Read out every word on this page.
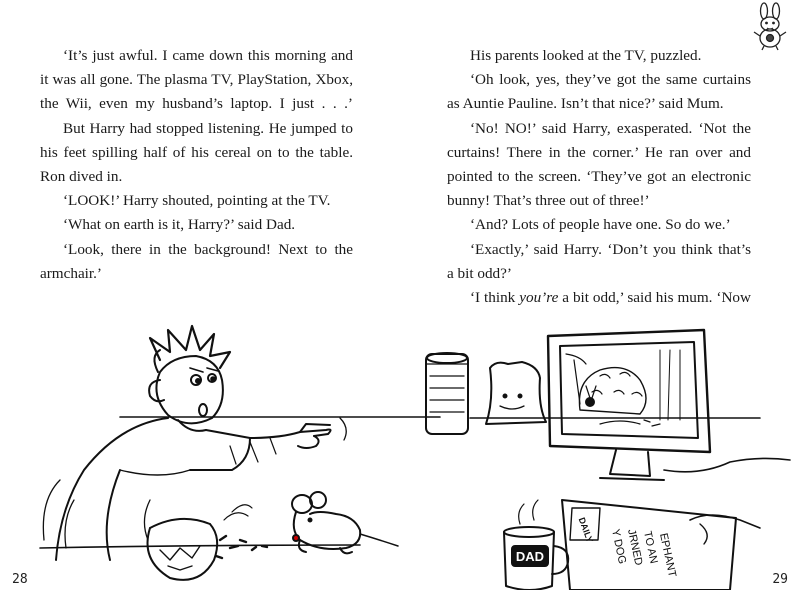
‘It’s just awful. I came down this morning and it was all gone. The plasma TV, PlayStation, Xbox, the Wii, even my husband’s laptop. I just . . .’

But Harry had stopped listening. He jumped to his feet spilling half of his cereal on to the table. Ron dived in.

‘LOOK!’ Harry shouted, pointing at the TV.

‘What on earth is it, Harry?’ said Dad.

‘Look, there in the background! Next to the armchair.’

28

His parents looked at the TV, puzzled.

‘Oh look, yes, they’ve got the same curtains as Auntie Pauline. Isn’t that nice?’ said Mum.

‘No! NO!’ said Harry, exasperated. ‘Not the curtains! There in the corner.’ He ran over and pointed to the screen. ‘They’ve got an electronic bunny! That’s three out of three!’

‘And? Lots of people have one. So do we.’

‘Exactly,’ said Harry. ‘Don’t you think that’s a bit odd?’

‘I think you’re a bit odd,’ said his mum. ‘Now

29
DAD
DAILY Y DOG
JRNED
TO AN
EPHANT
